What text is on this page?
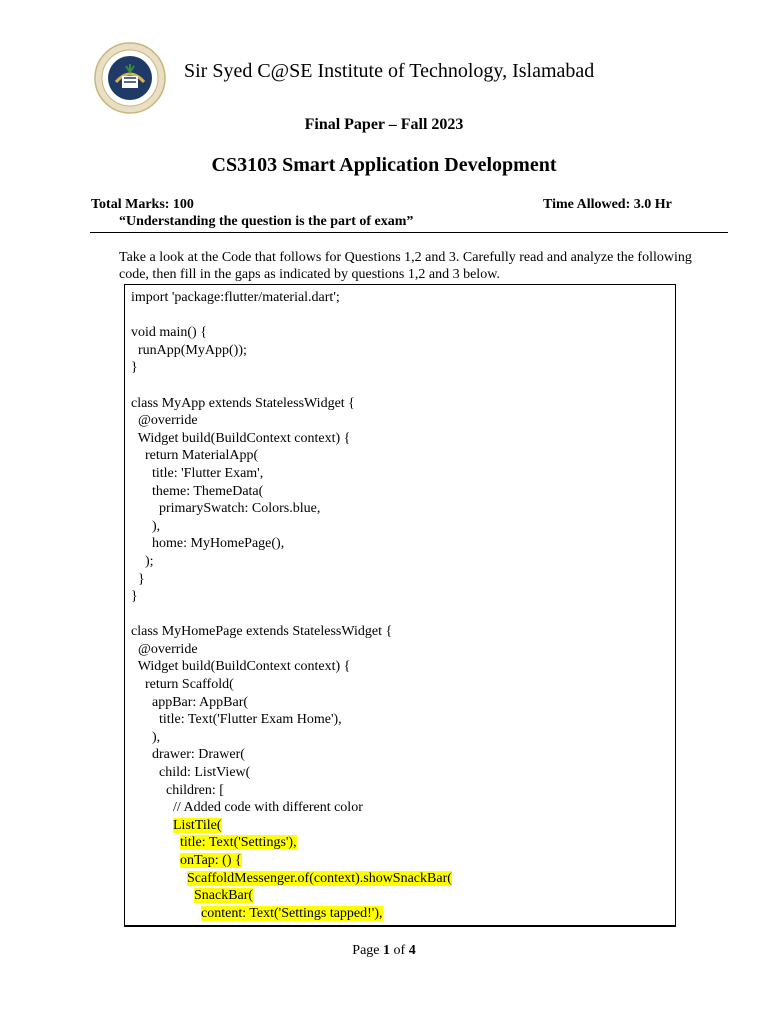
Sir Syed C@SE Institute of Technology, Islamabad
Final Paper – Fall 2023
CS3103 Smart Application Development
Total Marks: 100	Time Allowed: 3.0 Hr
“Understanding the question is the part of exam”
Take a look at the Code that follows for Questions 1,2 and 3. Carefully read and analyze the following code, then fill in the gaps as indicated by questions 1,2 and 3 below.
import 'package:flutter/material.dart';
void main() {
runApp(MyApp());
}
class MyApp extends StatelessWidget {
@override
Widget build(BuildContext context) {
return MaterialApp(
title: 'Flutter Exam',
theme: ThemeData(
primarySwatch: Colors.blue,
),
home: MyHomePage(),
);
}
}
class MyHomePage extends StatelessWidget {
@override
Widget build(BuildContext context) {
return Scaffold(
appBar: AppBar(
title: Text('Flutter Exam Home'),
),
drawer: Drawer(
child: ListView(
children: [
// Added code with different color
ListTile(
title: Text('Settings'),
onTap: () {
ScaffoldMessenger.of(context).showSnackBar(
SnackBar(
content: Text('Settings tapped!'),
Page 1 of 4
